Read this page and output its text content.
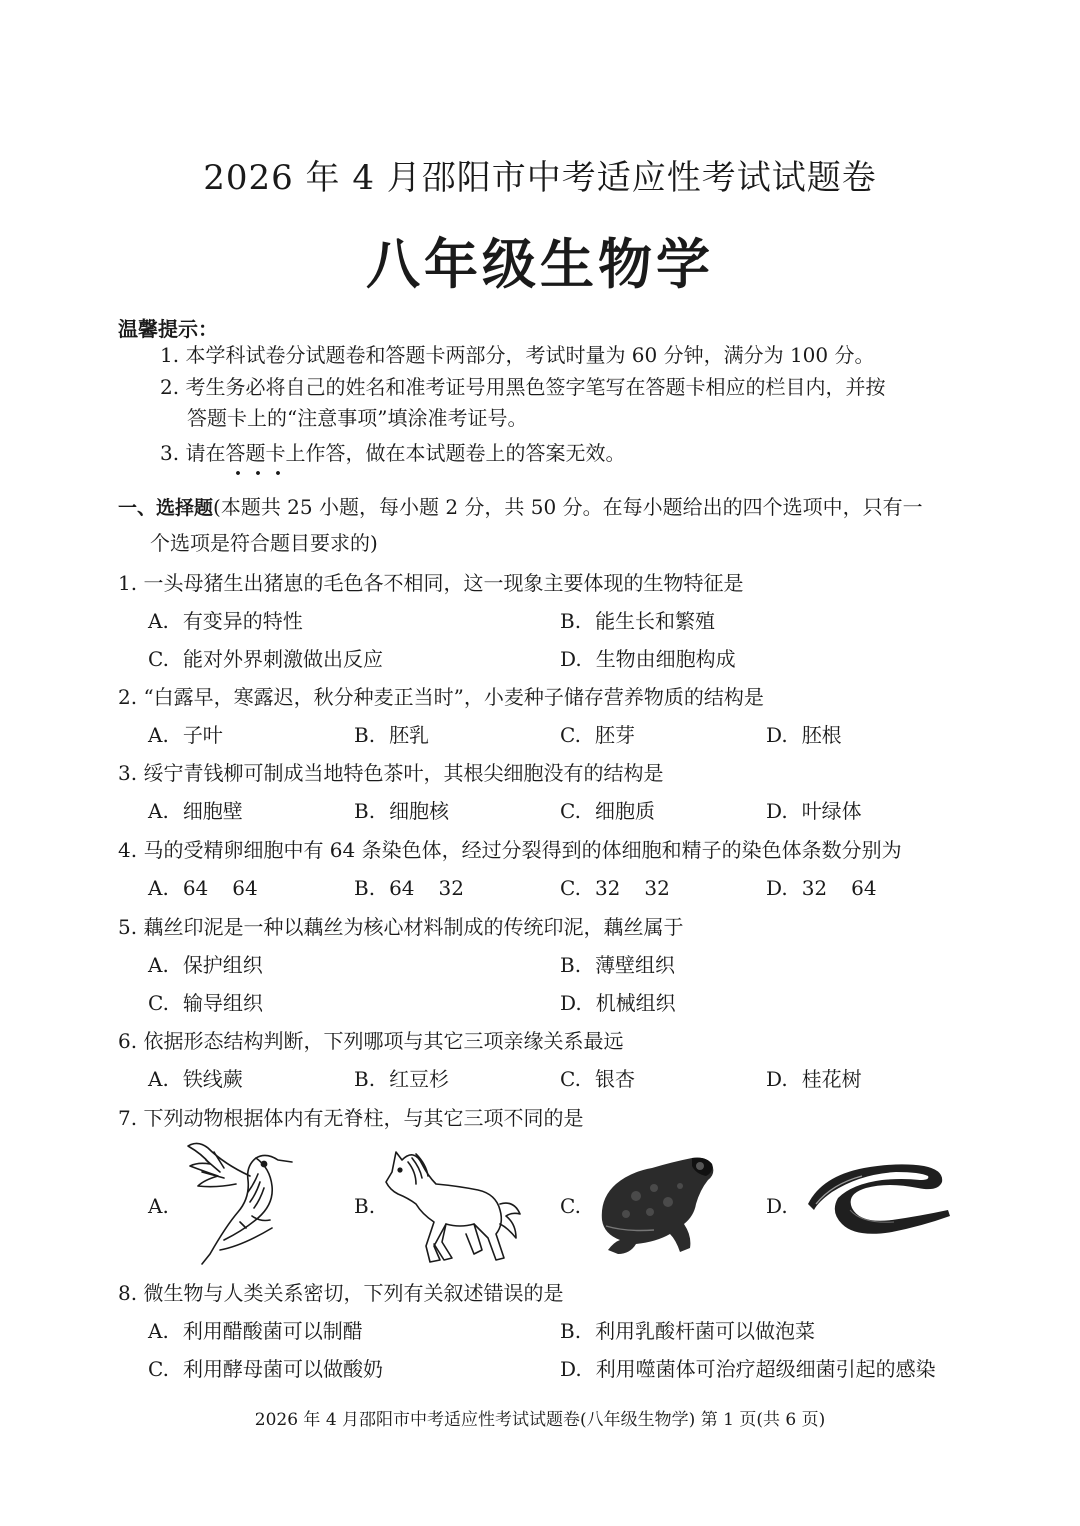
2026 年 4 月邵阳市中考适应性考试试题卷
八年级生物学
温馨提示：
1. 本学科试卷分试题卷和答题卡两部分，考试时量为 60 分钟，满分为 100 分。
2. 考生务必将自己的姓名和准考证号用黑色签字笔写在答题卡相应的栏目内，并按
答题卡上的“注意事项”填涂准考证号。
3. 请在答题卡上作答，做在本试题卷上的答案无效。
一、选择题(本题共 25 小题，每小题 2 分，共 50 分。在每小题给出的四个选项中，只有一
个选项是符合题目要求的)
1. 一头母猪生出猪崽的毛色各不相同，这一现象主要体现的生物特征是
A. 有变异的特性	B. 能生长和繁殖
C. 能对外界刺激做出反应	D. 生物由细胞构成
2. “白露早，寒露迟，秋分种麦正当时”，小麦种子储存营养物质的结构是
A. 子叶	B. 胚乳	C. 胚芽	D. 胚根
3. 绥宁青钱柳可制成当地特色茶叶，其根尖细胞没有的结构是
A. 细胞壁	B. 细胞核	C. 细胞质	D. 叶绿体
4. 马的受精卵细胞中有 64 条染色体，经过分裂得到的体细胞和精子的染色体条数分别为
A. 64 64	B. 64 32	C. 32 32	D. 32 64
5. 藕丝印泥是一种以藕丝为核心材料制成的传统印泥，藕丝属于
A. 保护组织	B. 薄壁组织
C. 输导组织	D. 机械组织
6. 依据形态结构判断，下列哪项与其它三项亲缘关系最远
A. 铁线蕨	B. 红豆杉	C. 银杏	D. 桂花树
7. 下列动物根据体内有无脊柱，与其它三项不同的是
A.	B.	C.	D.
8. 微生物与人类关系密切，下列有关叙述错误的是
A. 利用醋酸菌可以制醋	B. 利用乳酸杆菌可以做泡菜
C. 利用酵母菌可以做酸奶	D. 利用噬菌体可治疗超级细菌引起的感染
2026 年 4 月邵阳市中考适应性考试试题卷(八年级生物学) 第 1 页(共 6 页)
